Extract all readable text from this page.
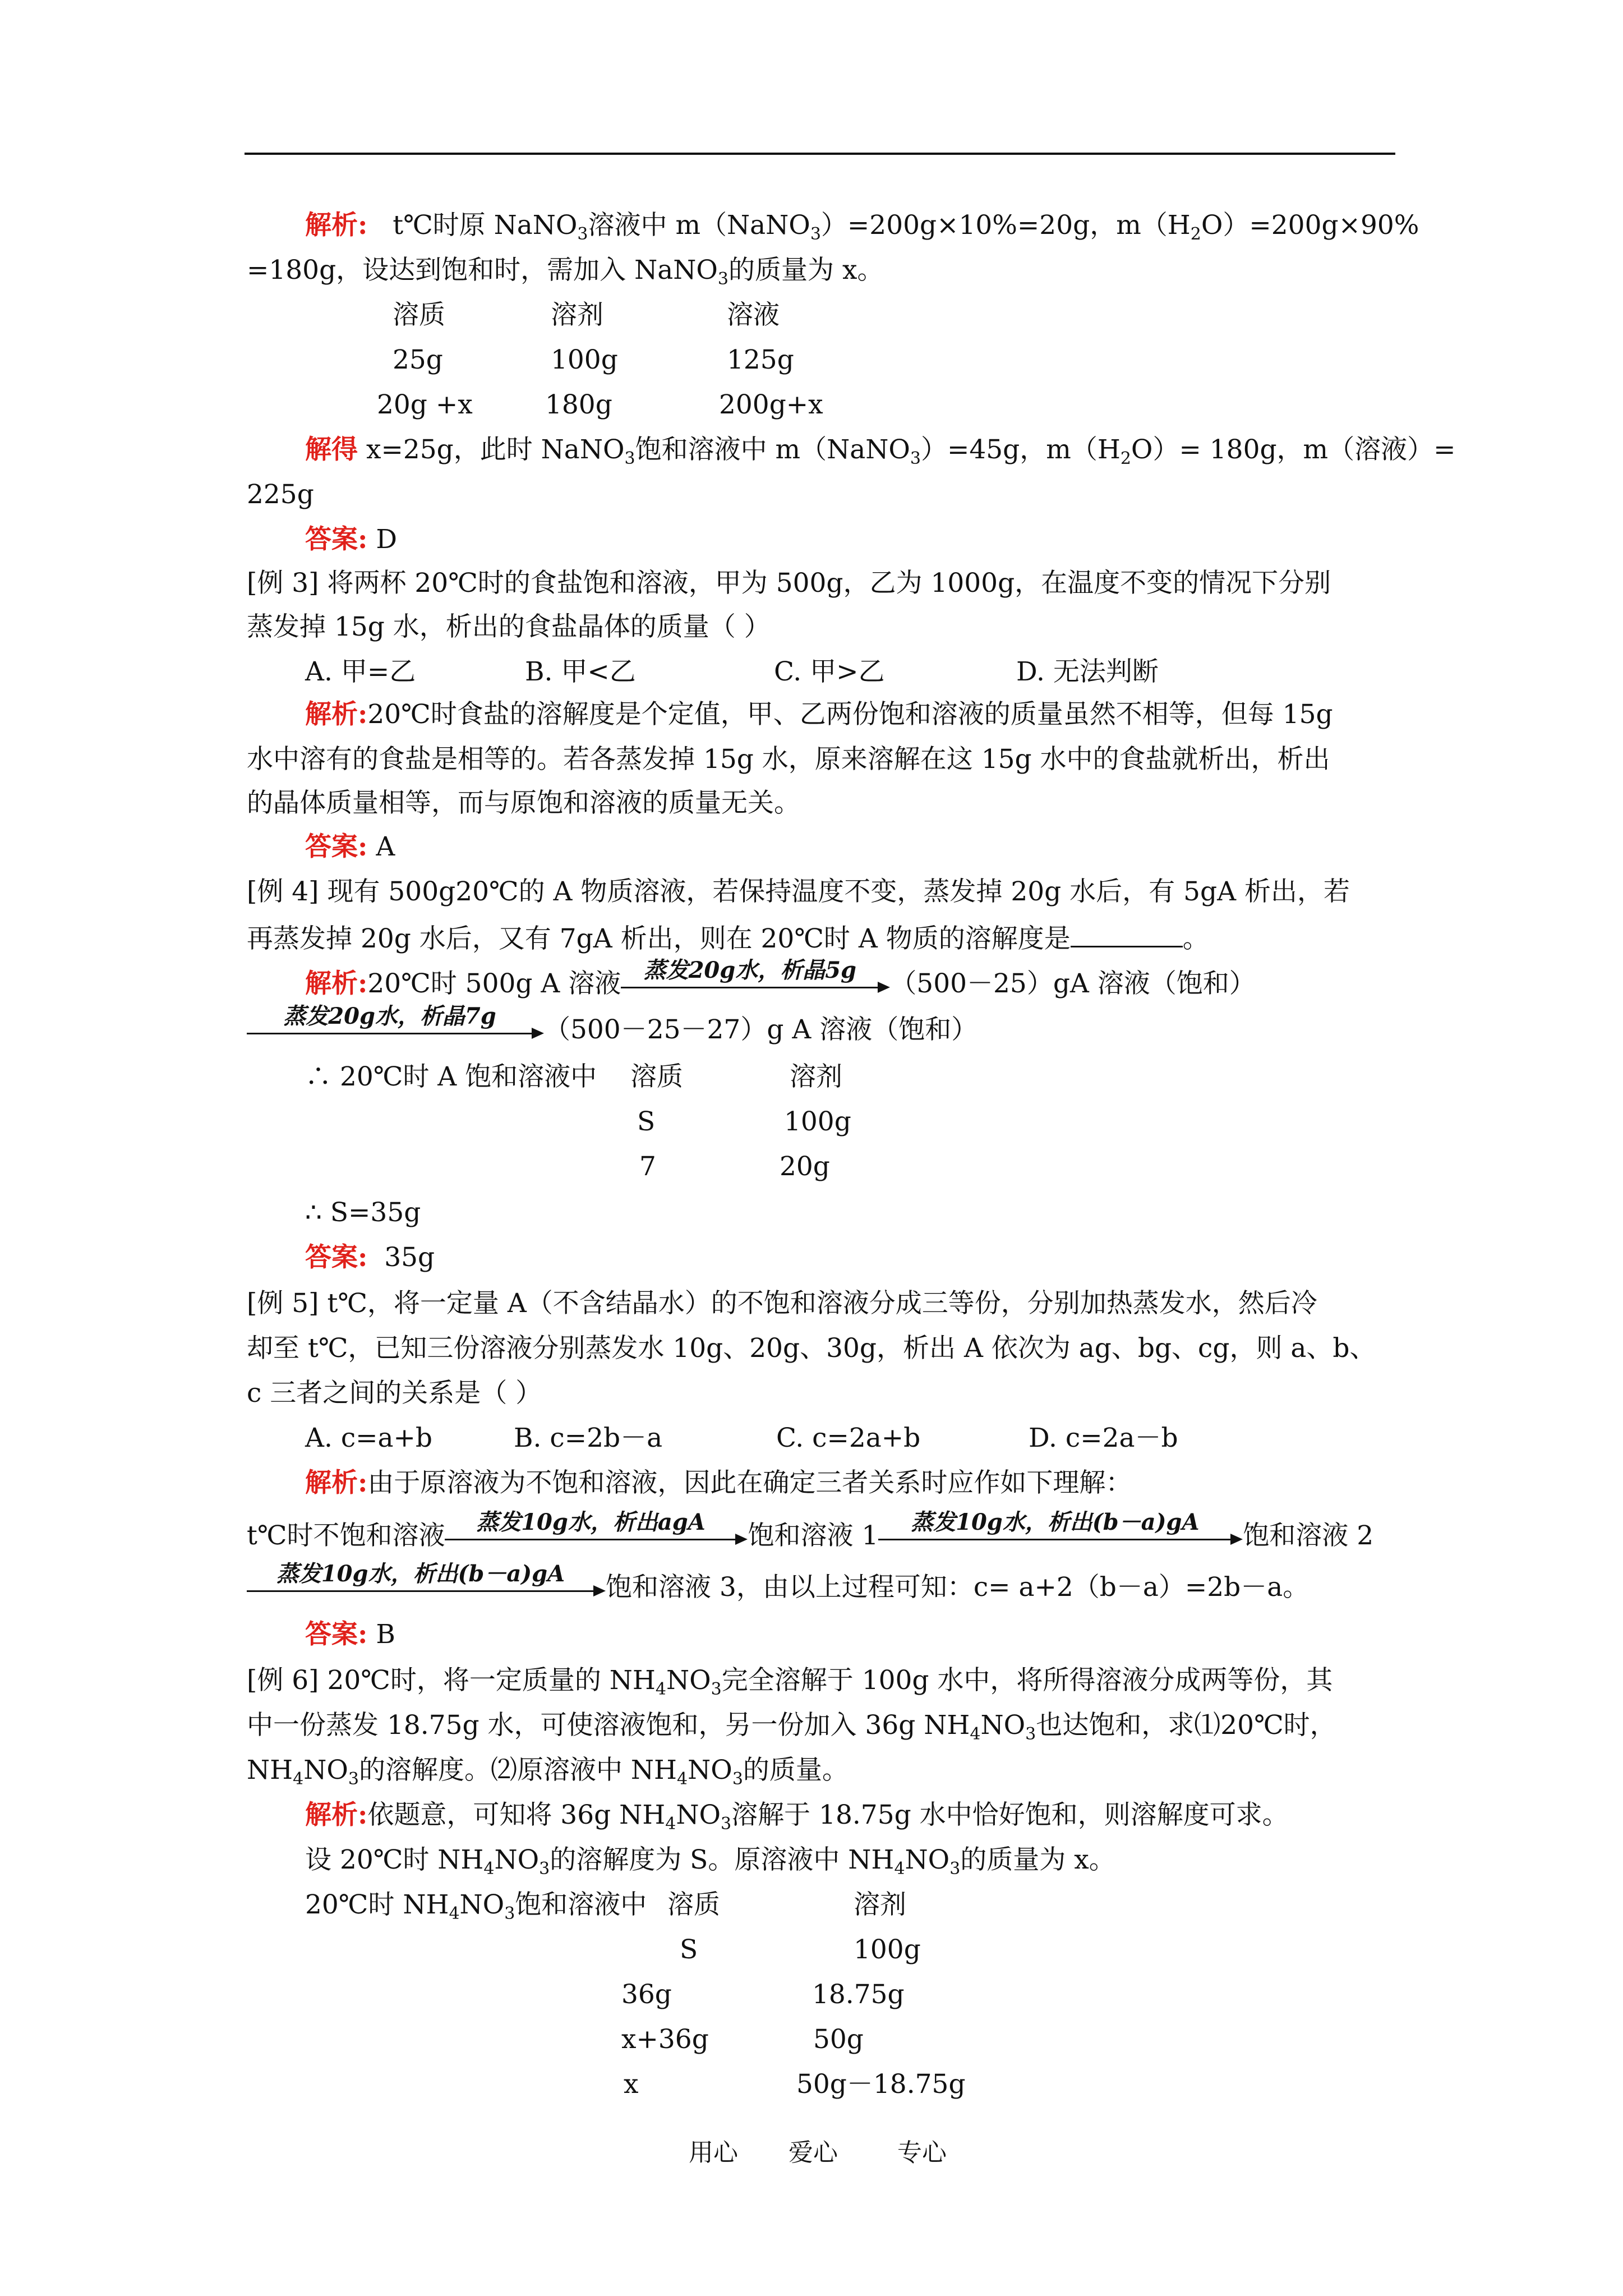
解析: t℃时原 NaNO$_3$溶液中 m（NaNO$_3$）=200g×10%=20g，$m(H_2O)=200g\times 90\%$
=180g，设达到饱和时，需加入 NaNO$_3$的质量为 x。
溶质	溶剂	溶液
25g	100g	125g
20g +x	180g	200g+x
解得 x=25g，此时 NaNO$_3$饱和溶液中 m（NaNO$_3$）=45g，$m(H_2O)= 180g$，m（溶液）=
225g
答案: D
[例 3] 将两杯 20℃时的食盐饱和溶液，甲为 500g，乙为 1000g，在温度不变的情况下分别
蒸发掉 15g 水，析出的食盐晶体的质量（ ）
A. 甲=乙	B. 甲<乙	C. 甲>乙	D. 无法判断
解析:20℃时食盐的溶解度是个定值，甲、乙两份饱和溶液的质量虽然不相等，但每 15g
水中溶有的食盐是相等的。若各蒸发掉 15g 水，原来溶解在这 15g 水中的食盐就析出，析出
的晶体质量相等，而与原饱和溶液的质量无关。
答案: A
[例 4] 现有 500g20℃的 A 物质溶液，若保持温度不变，蒸发掉 20g 水后，有 5gA 析出，若
再蒸发掉 20g 水后，又有 7gA 析出，则在 20℃时 A 物质的溶解度是	。
解析:20℃时 500g A 溶液	蒸发20g水，析晶5g	（500－25）gA 溶液（饱和）
蒸发20g水，析晶7g	（500－25－27）g A 溶液（饱和）
∴ 20℃时 A 饱和溶液中 溶质	溶剂
S	100g
7	20g
∴ S=35g
答案: 35g
[例 5] t℃，将一定量 A（不含结晶水）的不饱和溶液分成三等份，分别加热蒸发水，然后冷
却至 t℃，已知三份溶液分别蒸发水 10g、20g、30g，析出 A 依次为 ag、bg、cg，则 a、b、
c 三者之间的关系是（ ）
A. c=a+b	B. c=2b－a	C. c=2a+b	D. c=2a－b
解析:由于原溶液为不饱和溶液，因此在确定三者关系时应作如下理解：
t℃时不饱和溶液	蒸发10g水，析出agA	饱和溶液 1	蒸发10g水，析出(b－a)gA	饱和溶液 2
蒸发10g水，析出(b－a)gA	饱和溶液 3，由以上过程可知：c= a+2（b－a）=2b－a。
答案: B
[例 6] 20℃时，将一定质量的 $NH_4NO_3$完全溶解于 100g 水中，将所得溶液分成两等份，其
中一份蒸发 18.75g 水，可使溶液饱和，另一份加入 36g $NH_4NO_3$也达饱和，求⑴20℃时，
$NH_4NO_3$的溶解度。⑵原溶液中 $NH_4NO_3$的质量。
解析:依题意，可知将 36g $NH_4NO_3$溶解于 18.75g 水中恰好饱和，则溶解度可求。
设 20℃时 $NH_4NO_3$的溶解度为 S。原溶液中 $NH_4NO_3$的质量为 x。
20℃时 $NH_4NO_3$饱和溶液中 溶质	溶剂
S	100g
36g	18.75g
x+36g	50g
x	50g－18.75g
用心 爱心 专心
